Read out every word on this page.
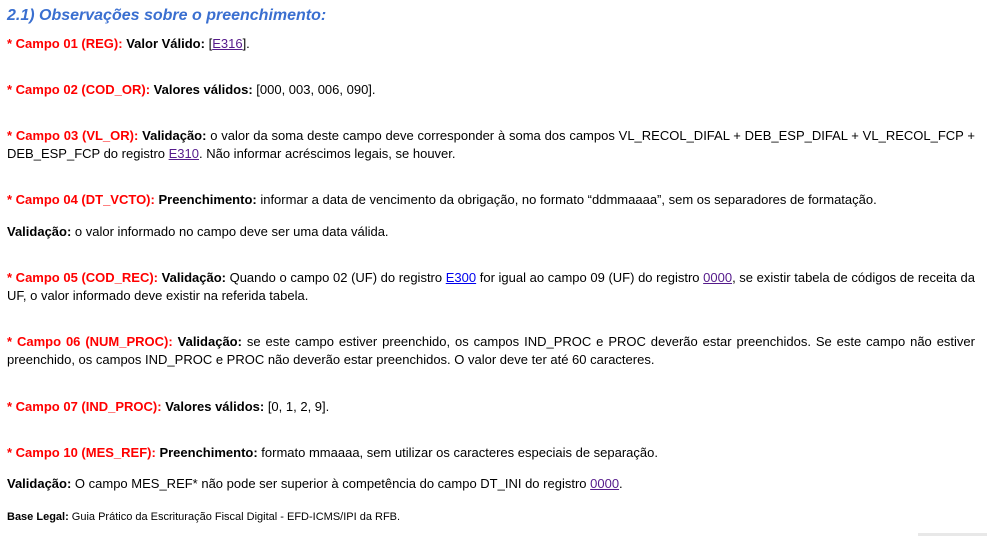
2.1) Observações sobre o preenchimento:

* Campo 01 (REG): Valor Válido: [E316].

* Campo 02 (COD_OR): Valores válidos: [000, 003, 006, 090].

* Campo 03 (VL_OR): Validação: o valor da soma deste campo deve corresponder à soma dos campos VL_RECOL_DIFAL + DEB_ESP_DIFAL + VL_RECOL_FCP + DEB_ESP_FCP do registro E310. Não informar acréscimos legais, se houver.

* Campo 04 (DT_VCTO): Preenchimento: informar a data de vencimento da obrigação, no formato “ddmmaaaa”, sem os separadores de formatação.

Validação: o valor informado no campo deve ser uma data válida.

* Campo 05 (COD_REC): Validação: Quando o campo 02 (UF) do registro E300 for igual ao campo 09 (UF) do registro 0000, se existir tabela de códigos de receita da UF, o valor informado deve existir na referida tabela.

* Campo 06 (NUM_PROC): Validação: se este campo estiver preenchido, os campos IND_PROC e PROC deverão estar preenchidos. Se este campo não estiver preenchido, os campos IND_PROC e PROC não deverão estar preenchidos. O valor deve ter até 60 caracteres.

* Campo 07 (IND_PROC): Valores válidos: [0, 1, 2, 9].

* Campo 10 (MES_REF): Preenchimento: formato mmaaaa, sem utilizar os caracteres especiais de separação.

Validação: O campo MES_REF* não pode ser superior à competência do campo DT_INI do registro 0000.

Base Legal: Guia Prático da Escrituração Fiscal Digital - EFD-ICMS/IPI da RFB.
